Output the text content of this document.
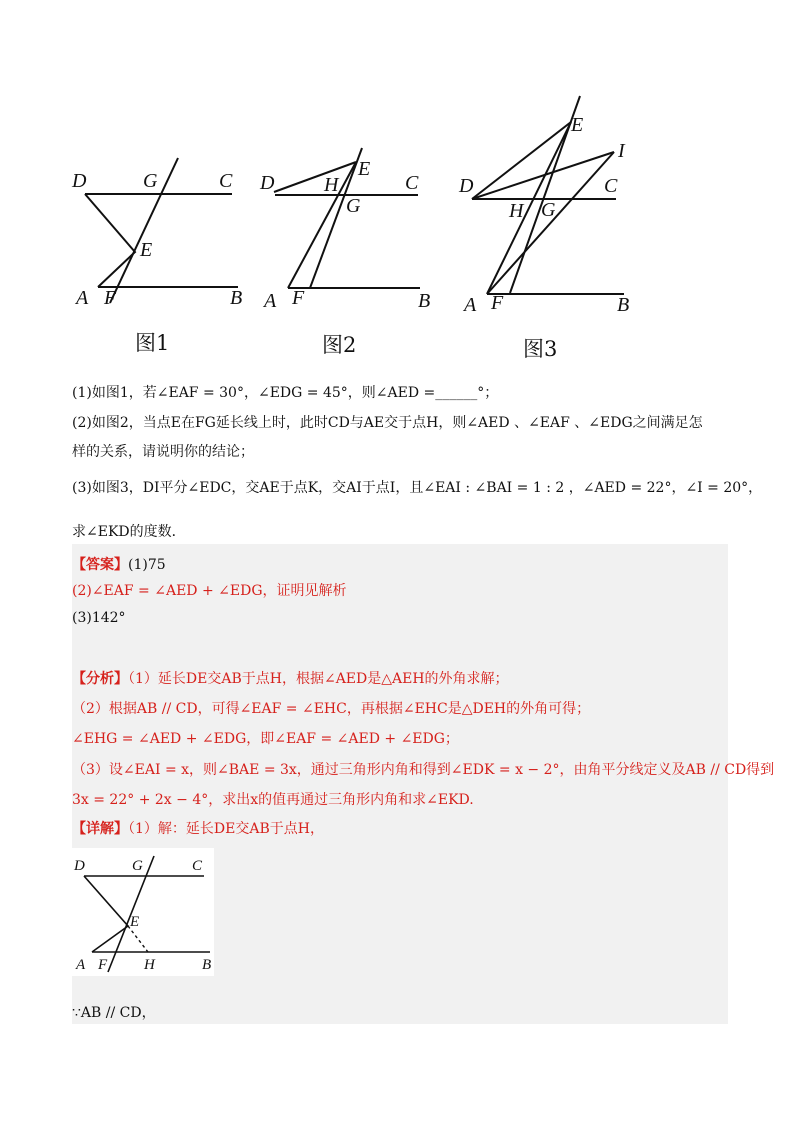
D	G	C
E
A F	B
图1
D H
E
C
G
A F	B
图2
E
I
D	C
H G
A F	B
图3
(1)如图1，若∠EAF = 30°，∠EDG = 45°，则∠AED =______°；
(2)如图2，当点E在FG延长线上时，此时CD与AE交于点H，则∠AED 、∠EAF 、∠EDG之间满足怎
样的关系，请说明你的结论；
(3)如图3，DI平分∠EDC，交AE于点K，交AI于点I，且∠EAI : ∠BAI = 1 : 2 ，∠AED = 22°，∠I = 20°，
求∠EKD的度数．
【答案】(1)75
(2)∠EAF = ∠AED + ∠EDG，证明见解析
(3)142°
【分析】（1）延长DE交AB于点H，根据∠AED是△AEH的外角求解；
（2）根据AB // CD，可得∠EAF = ∠EHC，再根据∠EHC是△DEH的外角可得；
∠EHG = ∠AED + ∠EDG，即∠EAF = ∠AED + ∠EDG；
（3）设∠EAI = x，则∠BAE = 3x，通过三角形内角和得到∠EDK = x − 2°，由角平分线定义及AB // CD得到
3x = 22° + 2x − 4°，求出x的值再通过三角形内角和求∠EKD.
【详解】（1）解：延长DE交AB于点H，
D	G	C
E
A F H	B
∵AB // CD，
